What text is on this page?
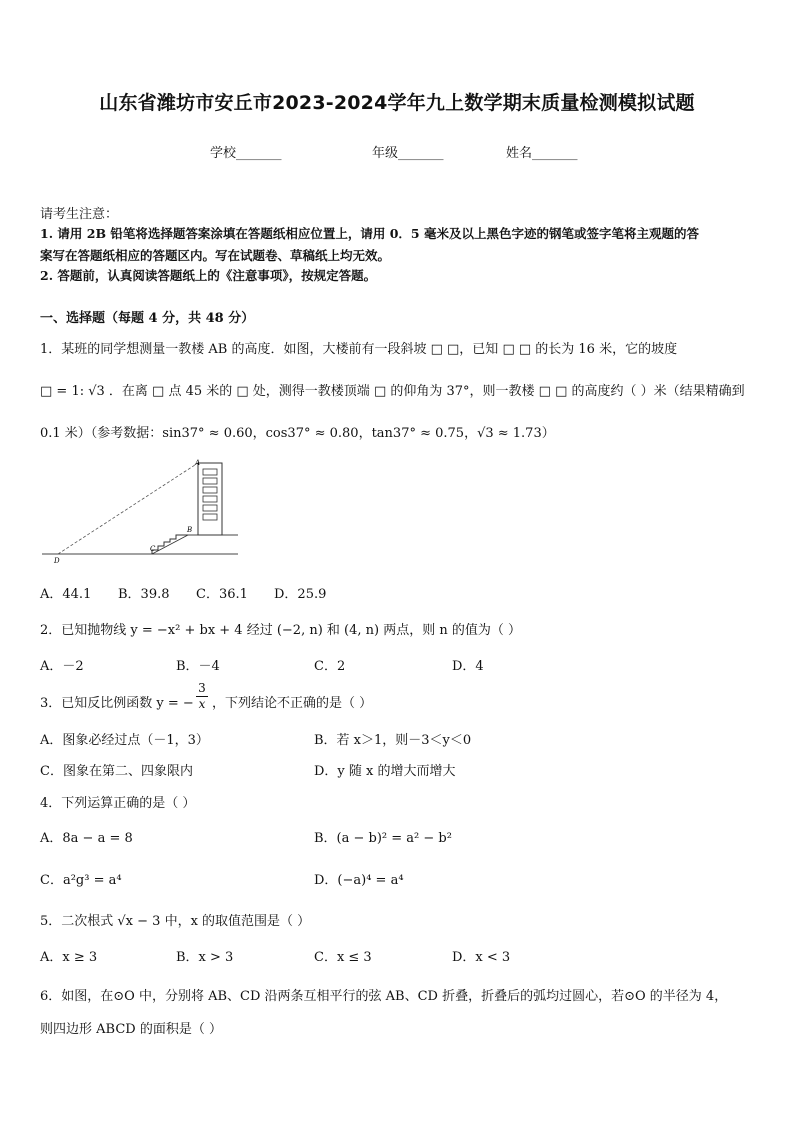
山东省潍坊市安丘市2023-2024学年九上数学期末质量检测模拟试题
学校_______	年级_______	姓名_______
请考生注意：
1. 请用 2B 铅笔将选择题答案涂填在答题纸相应位置上，请用 0．5 毫米及以上黑色字迹的钢笔或签字笔将主观题的答
案写在答题纸相应的答题区内。写在试题卷、草稿纸上均无效。
2. 答题前，认真阅读答题纸上的《注意事项》，按规定答题。
一、选择题（每题 4 分，共 48 分）
1．某班的同学想测量一教楼 AB 的高度．如图，大楼前有一段斜坡 □ □，已知 □ □ 的长为 16 米，它的坡度
□ = 1: √3 ．在离 □ 点 45 米的 □ 处，测得一教楼顶端 □ 的仰角为 37°，则一教楼 □ □ 的高度约（ ）米（结果精确到
0.1 米）（参考数据：sin37° ≈ 0.60，cos37° ≈ 0.80，tan37° ≈ 0.75，√3 ≈ 1.73）
A
B
C
D
A．44.1 B．39.8 C．36.1 D．25.9
2．已知抛物线 y = −x² + bx + 4 经过 (−2, n) 和 (4, n) 两点，则 n 的值为（ ）
A．－2	B．－4	C．2	D．4
3．已知反比例函数 y = − $\frac{3}{x}$ ，下列结论不正确的是（ ）
A．图象必经过点（－1，3）	B．若 x＞1，则－3＜y＜0
C．图象在第二、四象限内	D．y 随 x 的增大而增大
4．下列运算正确的是（ ）
A．8a − a = 8	B．(a − b)² = a² − b²
C．a²g³ = a⁴	D．(−a)⁴ = a⁴
5．二次根式 √x − 3 中，x 的取值范围是（ ）
A．x ≥ 3	B．x > 3	C．x ≤ 3	D．x < 3
6．如图，在⊙O 中，分别将 AB、CD 沿两条互相平行的弦 AB、CD 折叠，折叠后的弧均过圆心，若⊙O 的半径为 4，
则四边形 ABCD 的面积是（ ）
